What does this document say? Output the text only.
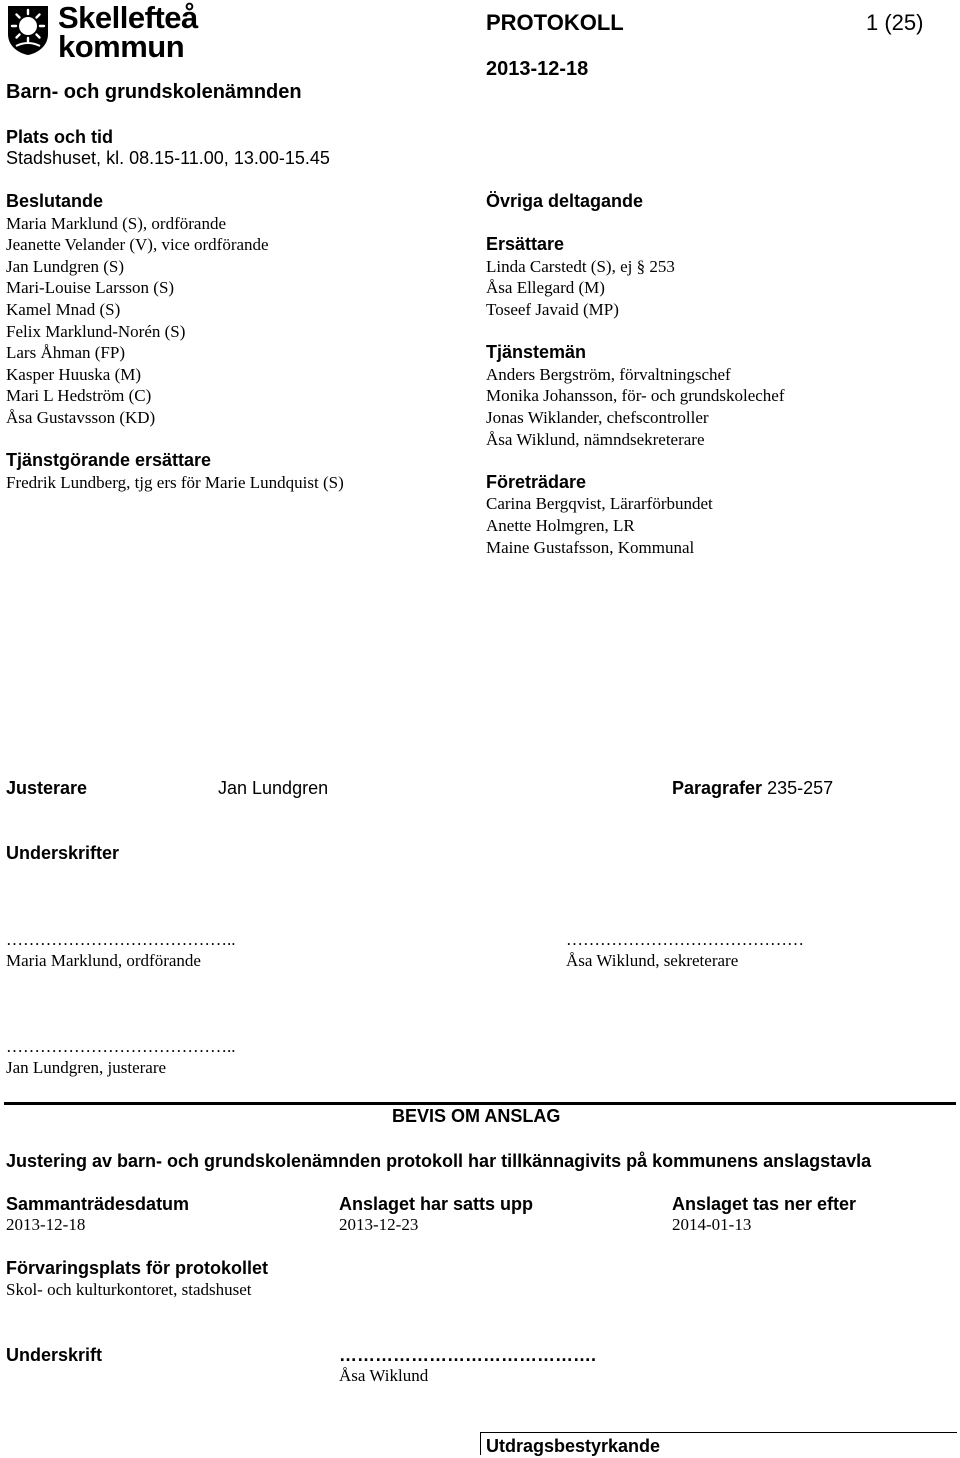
Skellefteå
kommun
PROTOKOLL	1 (25)
Barn- och grundskolenämnden
2013-12-18
Plats och tid
Stadshuset, kl. 08.15-11.00, 13.00-15.45
Beslutande
Maria Marklund (S), ordförande
Jeanette Velander (V), vice ordförande
Jan Lundgren (S)
Mari-Louise Larsson (S)
Kamel Mnad (S)
Felix Marklund-Norén (S)
Lars Åhman (FP)
Kasper Huuska (M)
Mari L Hedström (C)
Åsa Gustavsson (KD)
Tjänstgörande ersättare
Fredrik Lundberg, tjg ers för Marie Lundquist (S)
Övriga deltagande
Ersättare
Linda Carstedt (S), ej § 253
Åsa Ellegard (M)
Toseef Javaid (MP)
Tjänstemän
Anders Bergström, förvaltningschef
Monika Johansson, för- och grundskolechef
Jonas Wiklander, chefscontroller
Åsa Wiklund, nämndsekreterare
Företrädare
Carina Bergqvist, Lärarförbundet
Anette Holmgren, LR
Maine Gustafsson, Kommunal
Justerare	Jan Lundgren	Paragrafer 235-257
Underskrifter
…………………………………..
Maria Marklund, ordförande
……………………………………
Åsa Wiklund, sekreterare
…………………………………..
Jan Lundgren, justerare
BEVIS OM ANSLAG
Justering av barn- och grundskolenämnden protokoll har tillkännagivits på kommunens anslagstavla
Sammanträdesdatum
2013-12-18
Anslaget har satts upp
2013-12-23
Anslaget tas ner efter
2014-01-13
Förvaringsplats för protokollet
Skol- och kulturkontoret, stadshuset
Underskrift	…………………………………….
Åsa Wiklund
Utdragsbestyrkande
